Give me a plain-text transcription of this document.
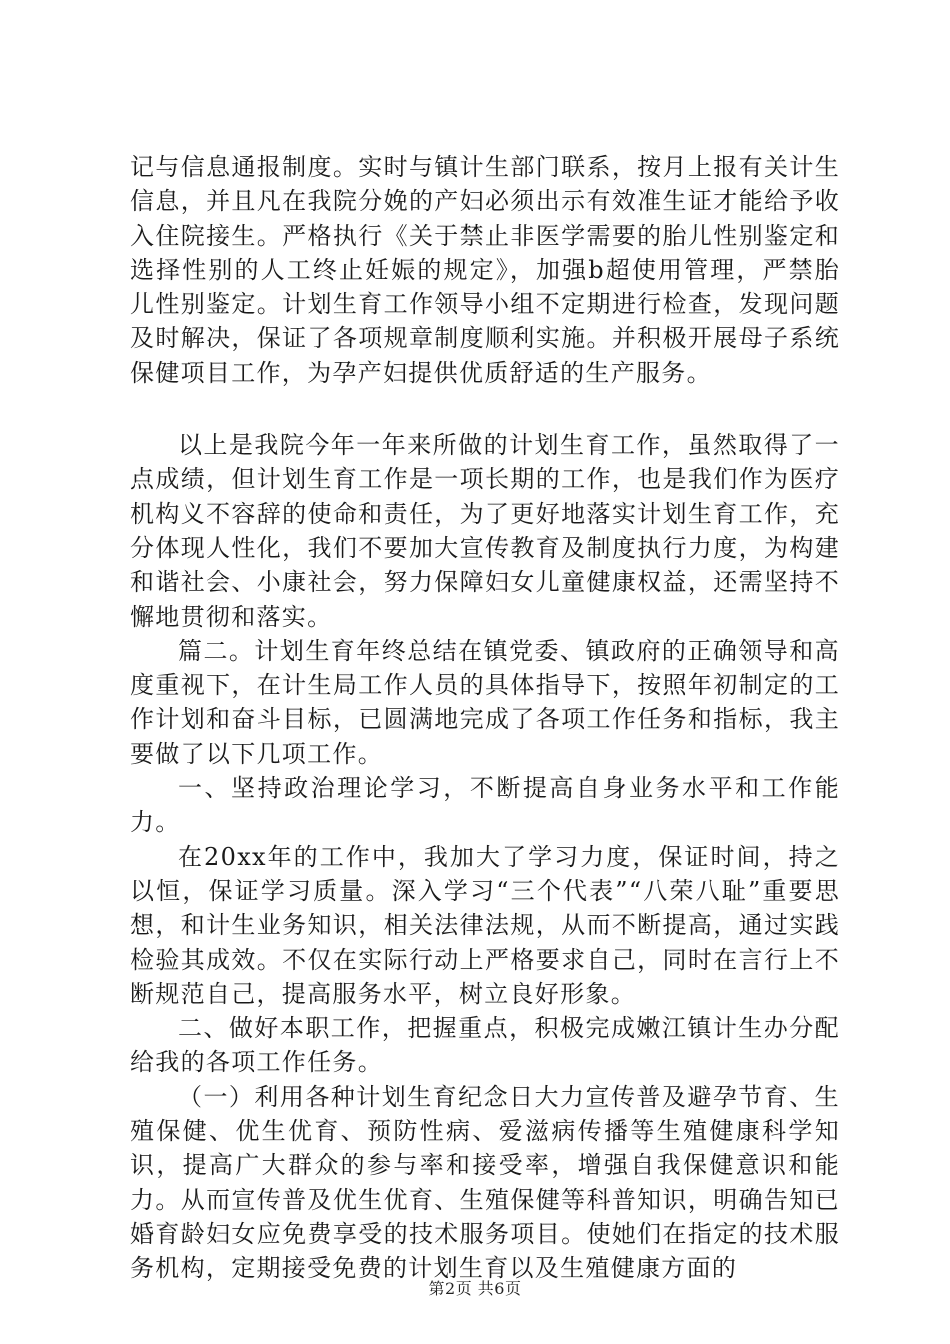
记与信息通报制度。实时与镇计生部门联系，按月上报有关计生信息，并且凡在我院分娩的产妇必须出示有效准生证才能给予收入住院接生。严格执行《关于禁止非医学需要的胎儿性别鉴定和选择性别的人工终止妊娠的规定》，加强b超使用管理，严禁胎儿性别鉴定。计划生育工作领导小组不定期进行检查，发现问题及时解决，保证了各项规章制度顺利实施。并积极开展母子系统保健项目工作，为孕产妇提供优质舒适的生产服务。

以上是我院今年一年来所做的计划生育工作，虽然取得了一点成绩，但计划生育工作是一项长期的工作，也是我们作为医疗机构义不容辞的使命和责任，为了更好地落实计划生育工作，充分体现人性化，我们不要加大宣传教育及制度执行力度，为构建和谐社会、小康社会，努力保障妇女儿童健康权益，还需坚持不懈地贯彻和落实。

篇二。计划生育年终总结在镇党委、镇政府的正确领导和高度重视下，在计生局工作人员的具体指导下，按照年初制定的工作计划和奋斗目标，已圆满地完成了各项工作任务和指标，我主要做了以下几项工作。

一、坚持政治理论学习，不断提高自身业务水平和工作能力。

在20xx年的工作中，我加大了学习力度，保证时间，持之以恒，保证学习质量。深入学习“三个代表”“八荣八耻”重要思想，和计生业务知识，相关法律法规，从而不断提高，通过实践检验其成效。不仅在实际行动上严格要求自己，同时在言行上不断规范自己，提高服务水平，树立良好形象。

二、做好本职工作，把握重点，积极完成嫩江镇计生办分配给我的各项工作任务。

（一）利用各种计划生育纪念日大力宣传普及避孕节育、生殖保健、优生优育、预防性病、爱滋病传播等生殖健康科学知识，提高广大群众的参与率和接受率，增强自我保健意识和能力。从而宣传普及优生优育、生殖保健等科普知识，明确告知已婚育龄妇女应免费享受的技术服务项目。使她们在指定的技术服务机构，定期接受免费的计划生育以及生殖健康方面的

第2页 共6页
